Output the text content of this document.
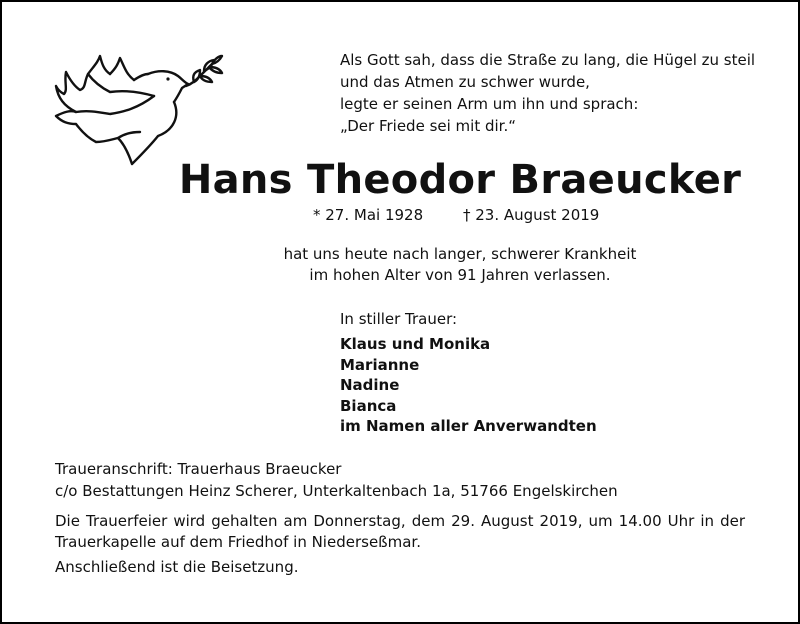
Als Gott sah, dass die Straße zu lang, die Hügel zu steil
und das Atmen zu schwer wurde,
legte er seinen Arm um ihn und sprach:
„Der Friede sei mit dir.“
Hans Theodor Braeucker
* 27. Mai 1928	† 23. August 2019
hat uns heute nach langer, schwerer Krankheit
im hohen Alter von 91 Jahren verlassen.
In stiller Trauer:
Klaus und Monika
Marianne
Nadine
Bianca
im Namen aller Anverwandten
Traueranschrift: Trauerhaus Braeucker
c/o Bestattungen Heinz Scherer, Unterkaltenbach 1a, 51766 Engelskirchen
Die Trauerfeier wird gehalten am Donnerstag, dem 29. August 2019, um 14.00 Uhr in der
Trauerkapelle auf dem Friedhof in Niederseßmar.
Anschließend ist die Beisetzung.
